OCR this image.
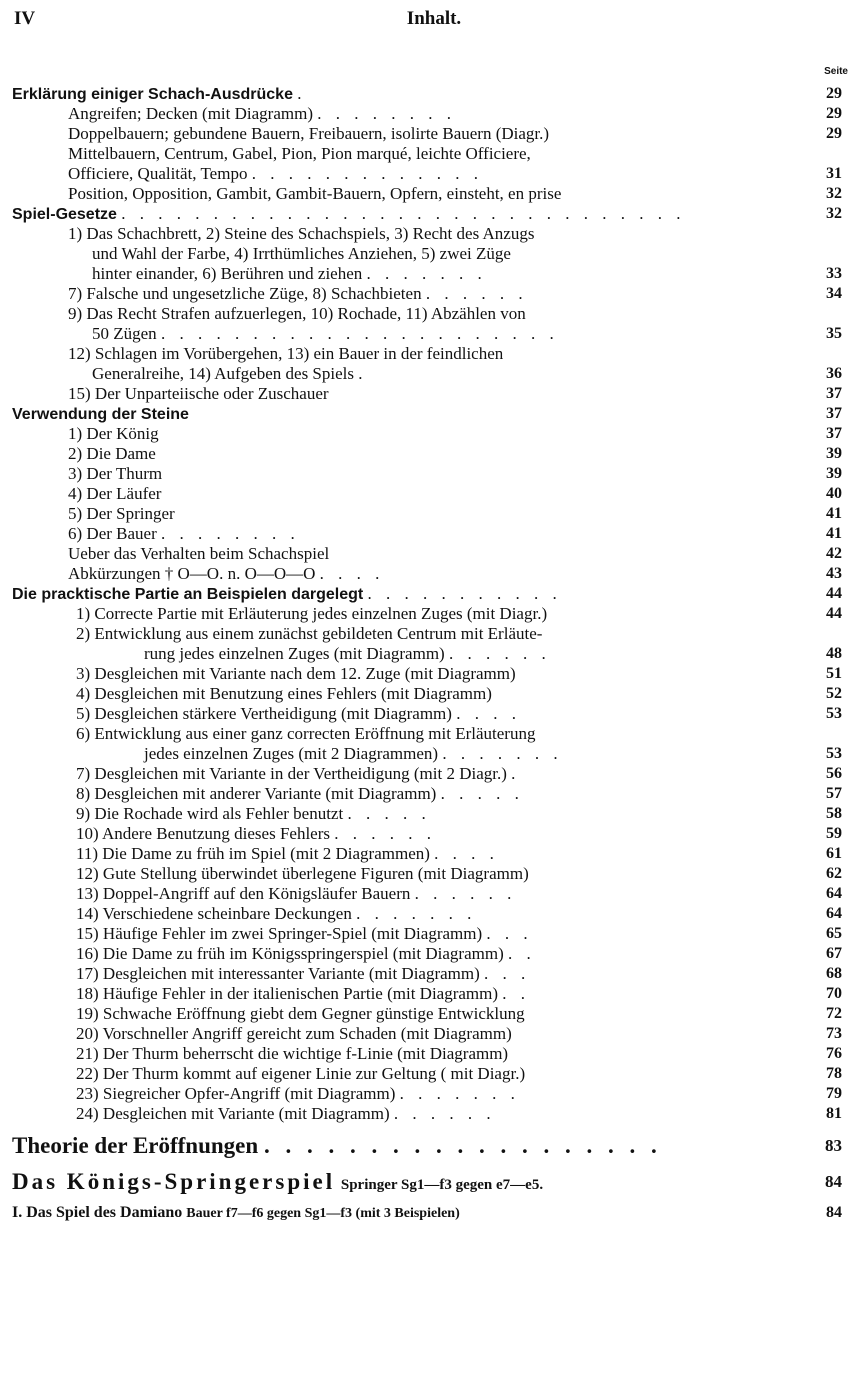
IV	Inhalt.
Seite
Erklärung einiger Schach-Ausdrücke .	29
Angreifen; Decken (mit Diagramm) . . . . . . . .	29
Doppelbauern; gebundene Bauern, Freibauern, isolirte Bauern (Diagr.)	29
Mittelbauern, Centrum, Gabel, Pion, Pion marqué, leichte Officiere,
Officiere, Qualität, Tempo . . . . . . . . . . . . .	31
Position, Opposition, Gambit, Gambit-Bauern, Opfern, einsteht, en prise	32
Spiel-Gesetze . . . . . . . . . . . . . . . . . . . . . . . . . . . . . . .	32
1) Das Schachbrett, 2) Steine des Schachspiels, 3) Recht des Anzugs
und Wahl der Farbe, 4) Irrthümliches Anziehen, 5) zwei Züge
hinter einander, 6) Berühren und ziehen . . . . . . .	33
7) Falsche und ungesetzliche Züge, 8) Schachbieten . . . . . .	34
9) Das Recht Strafen aufzuerlegen, 10) Rochade, 11) Abzählen von
50 Zügen . . . . . . . . . . . . . . . . . . . . . .	35
12) Schlagen im Vorübergehen, 13) ein Bauer in der feindlichen
Generalreihe, 14) Aufgeben des Spiels .	36
15) Der Unparteiische oder Zuschauer	37
Verwendung der Steine	37
1) Der König	37
2) Die Dame	39
3) Der Thurm	39
4) Der Läufer	40
5) Der Springer	41
6) Der Bauer . . . . . . . .	41
Ueber das Verhalten beim Schachspiel	42
Abkürzungen † O—O. n. O—O—O . . . .	43
Die pracktische Partie an Beispielen dargelegt . . . . . . . . . . .	44
1) Correcte Partie mit Erläuterung jedes einzelnen Zuges (mit Diagr.)	44
2) Entwicklung aus einem zunächst gebildeten Centrum mit Erläute-
rung jedes einzelnen Zuges (mit Diagramm) . . . . . .	48
3) Desgleichen mit Variante nach dem 12. Zuge (mit Diagramm)	51
4) Desgleichen mit Benutzung eines Fehlers (mit Diagramm)	52
5) Desgleichen stärkere Vertheidigung (mit Diagramm) . . . .	53
6) Entwicklung aus einer ganz correcten Eröffnung mit Erläuterung
jedes einzelnen Zuges (mit 2 Diagrammen) . . . . . . .	53
7) Desgleichen mit Variante in der Vertheidigung (mit 2 Diagr.) .	56
8) Desgleichen mit anderer Variante (mit Diagramm) . . . . .	57
9) Die Rochade wird als Fehler benutzt . . . . .	58
10) Andere Benutzung dieses Fehlers . . . . . .	59
11) Die Dame zu früh im Spiel (mit 2 Diagrammen) . . . .	61
12) Gute Stellung überwindet überlegene Figuren (mit Diagramm)	62
13) Doppel-Angriff auf den Königsläufer Bauern . . . . . .	64
14) Verschiedene scheinbare Deckungen . . . . . . .	64
15) Häufige Fehler im zwei Springer-Spiel (mit Diagramm) . . .	65
16) Die Dame zu früh im Königsspringerspiel (mit Diagramm) . .	67
17) Desgleichen mit interessanter Variante (mit Diagramm) . . .	68
18) Häufige Fehler in der italienischen Partie (mit Diagramm) . .	70
19) Schwache Eröffnung giebt dem Gegner günstige Entwicklung	72
20) Vorschneller Angriff gereicht zum Schaden (mit Diagramm)	73
21) Der Thurm beherrscht die wichtige f-Linie (mit Diagramm)	76
22) Der Thurm kommt auf eigener Linie zur Geltung ( mit Diagr.)	78
23) Siegreicher Opfer-Angriff (mit Diagramm) . . . . . . .	79
24) Desgleichen mit Variante (mit Diagramm) . . . . . .	81
Theorie der Eröffnungen . . . . . . . . . . . . . . . . . . .	83
Das Königs-Springerspiel Springer Sg1—f3 gegen e7—e5.	84
I. Das Spiel des Damiano Bauer f7—f6 gegen Sg1—f3 (mit 3 Beispielen)	84
